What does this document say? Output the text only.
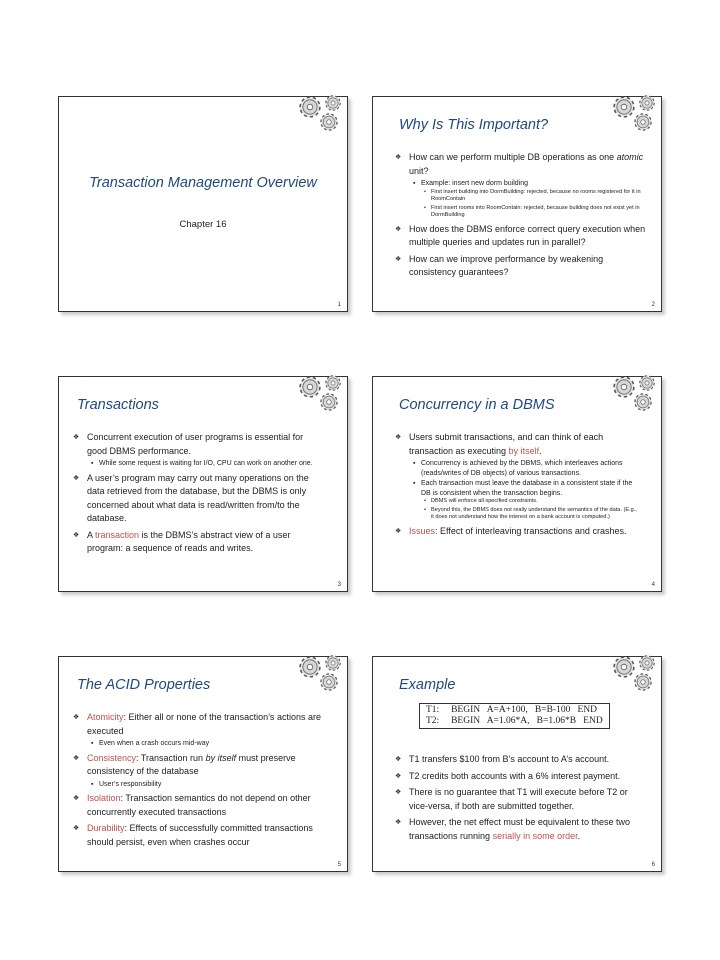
Transaction Management Overview
Chapter 16
1
Why Is This Important?
❖ How can we perform multiple DB operations as one atomic unit?
▪ Example: insert new dorm building
• First insert building into DormBuilding: rejected, because no rooms registered for it in RoomContain
• First insert rooms into RoomContain: rejected, because building does not exist yet in DormBuilding
❖ How does the DBMS enforce correct query execution when multiple queries and updates run in parallel?
❖ How can we improve performance by weakening consistency guarantees?
2
Transactions
❖ Concurrent execution of user programs is essential for good DBMS performance.
▪ While some request is waiting for I/O, CPU can work on another one.
❖ A user’s program may carry out many operations on the data retrieved from the database, but the DBMS is only concerned about what data is read/written from/to the database.
❖ A transaction is the DBMS’s abstract view of a user program: a sequence of reads and writes.
3
Concurrency in a DBMS
❖ Users submit transactions, and can think of each transaction as executing by itself.
▪ Concurrency is achieved by the DBMS, which interleaves actions (reads/writes of DB objects) of various transactions.
▪ Each transaction must leave the database in a consistent state if the DB is consistent when the transaction begins.
• DBMS will enforce all specified constraints.
• Beyond this, the DBMS does not really understand the semantics of the data. (E.g., it does not understand how the interest on a bank account is computed.)
❖ Issues: Effect of interleaving transactions and crashes.
4
The ACID Properties
❖ Atomicity: Either all or none of the transaction’s actions are executed
▪ Even when a crash occurs mid-way
❖ Consistency: Transaction run by itself must preserve consistency of the database
▪ User’s responsibility
❖ Isolation: Transaction semantics do not depend on other concurrently executed transactions
❖ Durability: Effects of successfully committed transactions should persist, even when crashes occur
5
Example
T1:     BEGIN   A=A+100,   B=B-100   END
T2:     BEGIN   A=1.06*A,   B=1.06*B   END
❖ T1 transfers $100 from B’s account to A’s account.
❖ T2 credits both accounts with a 6% interest payment.
❖ There is no guarantee that T1 will execute before T2 or vice-versa, if both are submitted together.
❖ However, the net effect must be equivalent to these two transactions running serially in some order.
6
